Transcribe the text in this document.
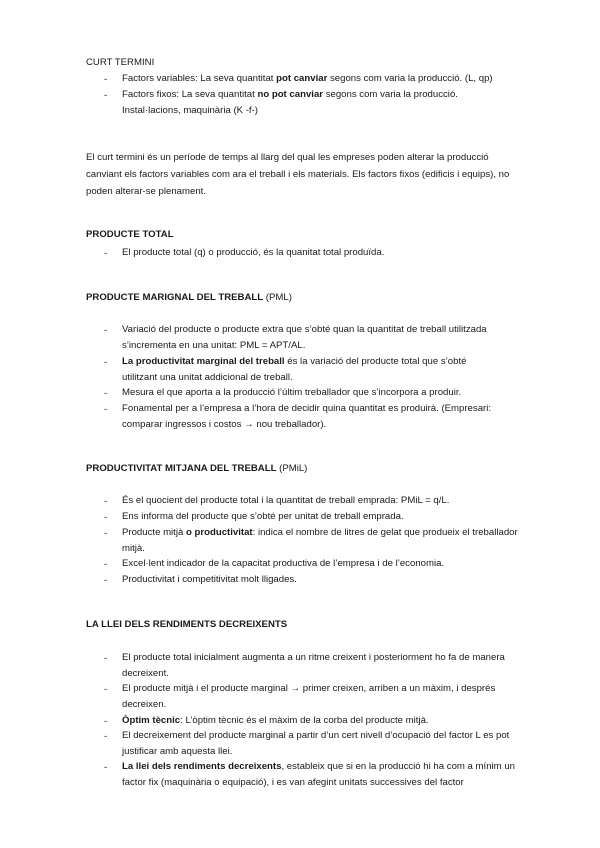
CURT TERMINI
- Factors variables: La seva quantitat pot canviar segons com varia la producció. (L, qp)
- Factors fixos: La seva quantitat no pot canviar segons com varia la producció. Instal·lacions, maquinària (K -f-)
El curt termini és un període de temps al llarg del qual les empreses poden alterar la producció canviant els factors variables com ara el treball i els materials. Els factors fixos (edificis i equips), no poden alterar-se plenament.
PRODUCTE TOTAL
- El producte total (q) o producció, és la quanitat total produïda.
PRODUCTE MARIGNAL DEL TREBALL (PML)
- Variació del producte o producte extra que s’obté quan la quantitat de treball utilitzada s’incrementa en una unitat: PML = APT/AL.
- La productivitat marginal del treball és la variació del producte total que s’obté utilitzant una unitat addicional de treball.
- Mesura el que aporta a la producció l’últim treballador que s’incorpora a produir.
- Fonamental per a l’empresa a l’hora de decidir quina quantitat es produirà. (Empresari: comparar ingressos i costos → nou treballador).
PRODUCTIVITAT MITJANA DEL TREBALL (PMiL)
- És el quocient del producte total i la quantitat de treball emprada: PMiL = q/L.
- Ens informa del producte que s’obté per unitat de treball emprada.
- Producte mitjà o productivitat: indica el nombre de litres de gelat que produeix el treballador mitjà.
- Excel·lent indicador de la capacitat productiva de l’empresa i de l’economia.
- Productivitat i competitivitat molt lligades.
LA LLEI DELS RENDIMENTS DECREIXENTS
- El producte total inicialment augmenta a un ritme creixent i posteriorment ho fa de manera decreixent.
- El producte mitjà i el producte marginal → primer creixen, arriben a un màxim, i després decreixen.
- Òptim tècnic: L’òptim tècnic és el màxim de la corba del producte mitjà.
- El decreixement del producte marginal a partir d’un cert nivell d’ocupació del factor L es pot justificar amb aquesta llei.
- La llei dels rendiments decreixents, estableix que si en la producció hi ha com a mínim un factor fix (maquinària o equipació), i es van afegint unitats successives del factor
